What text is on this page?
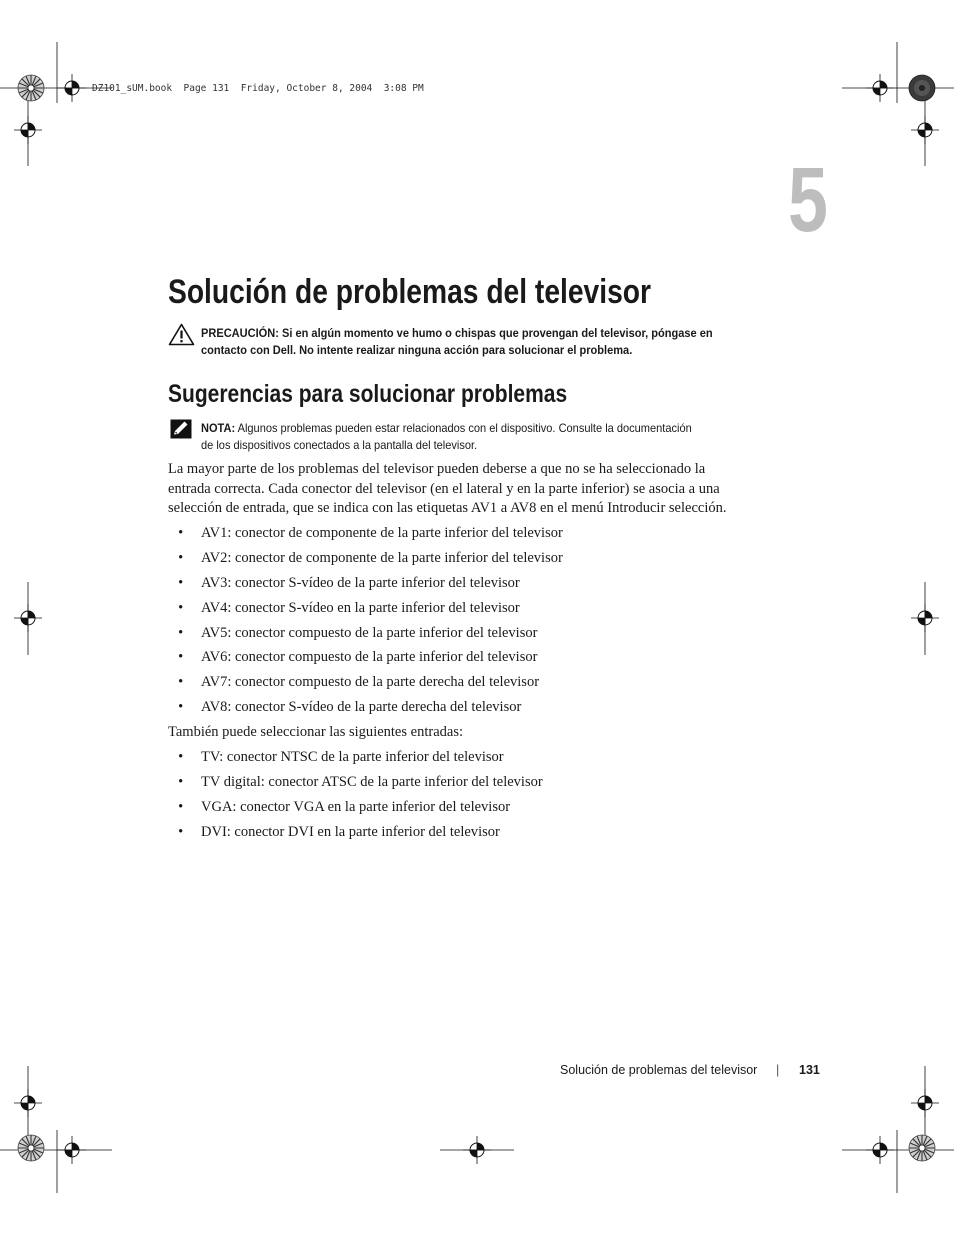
DZ101_sUM.book  Page 131  Friday, October 8, 2004  3:08 PM
5
Solución de problemas del televisor
PRECAUCIÓN: Si en algún momento ve humo o chispas que provengan del televisor, póngase en
contacto con Dell. No intente realizar ninguna acción para solucionar el problema.
Sugerencias para solucionar problemas
NOTA: Algunos problemas pueden estar relacionados con el dispositivo. Consulte la documentación
de los dispositivos conectados a la pantalla del televisor.
La mayor parte de los problemas del televisor pueden deberse a que no se ha seleccionado la
entrada correcta. Cada conector del televisor (en el lateral y en la parte inferior) se asocia a una
selección de entrada, que se indica con las etiquetas AV1 a AV8 en el menú Introducir selección.
• AV1: conector de componente de la parte inferior del televisor
• AV2: conector de componente de la parte inferior del televisor
• AV3: conector S-vídeo de la parte inferior del televisor
• AV4: conector S-vídeo en la parte inferior del televisor
• AV5: conector compuesto de la parte inferior del televisor
• AV6: conector compuesto de la parte inferior del televisor
• AV7: conector compuesto de la parte derecha del televisor
• AV8: conector S-vídeo de la parte derecha del televisor
También puede seleccionar las siguientes entradas:
• TV: conector NTSC de la parte inferior del televisor
• TV digital: conector ATSC de la parte inferior del televisor
• VGA: conector VGA en la parte inferior del televisor
• DVI: conector DVI en la parte inferior del televisor
Solución de problemas del televisor | 131
